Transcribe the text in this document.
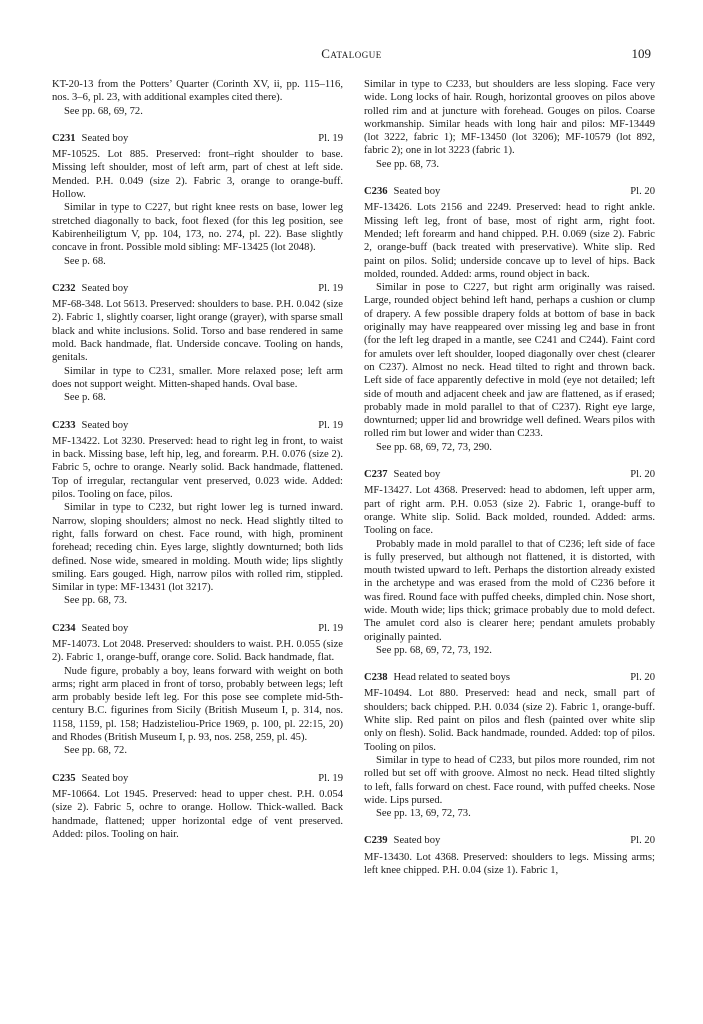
Catalogue	109

KT-20-13 from the Potters’ Quarter (Corinth XV, ii, pp. 115–116, nos. 3–6, pl. 23, with additional examples cited there).

See pp. 68, 69, 72.

C231 Seated boy	Pl. 19

MF-10525. Lot 885. Preserved: front–right shoulder to base. Missing left shoulder, most of left arm, part of chest at left side. Mended. P.H. 0.049 (size 2). Fabric 3, orange to orange-buff. Hollow.

Similar in type to C227, but right knee rests on base, lower leg stretched diagonally to back, foot flexed (for this leg position, see Kabirenheiligtum V, pp. 104, 173, no. 274, pl. 22). Base slightly concave in front. Possible mold sibling: MF-13425 (lot 2048).

See p. 68.

C232 Seated boy	Pl. 19

MF-68-348. Lot 5613. Preserved: shoulders to base. P.H. 0.042 (size 2). Fabric 1, slightly coarser, light orange (grayer), with sparse small black and white inclusions. Solid. Torso and base rendered in same mold. Back handmade, flat. Underside concave. Tooling on hands, genitals.

Similar in type to C231, smaller. More relaxed pose; left arm does not support weight. Mitten-shaped hands. Oval base.

See p. 68.

C233 Seated boy	Pl. 19

MF-13422. Lot 3230. Preserved: head to right leg in front, to waist in back. Missing base, left hip, leg, and forearm. P.H. 0.076 (size 2). Fabric 5, ochre to orange. Nearly solid. Back handmade, flattened. Top of irregular, rectangular vent preserved, 0.023 wide. Added: pilos. Tooling on face, pilos.

Similar in type to C232, but right lower leg is turned inward. Narrow, sloping shoulders; almost no neck. Head slightly tilted to right, falls forward on chest. Face round, with high, prominent forehead; receding chin. Eyes large, slightly downturned; both lids defined. Nose wide, smeared in molding. Mouth wide; lips slightly smiling. Ears gouged. High, narrow pilos with rolled rim, stippled. Similar in type: MF-13431 (lot 3217).

See pp. 68, 73.

C234 Seated boy	Pl. 19

MF-14073. Lot 2048. Preserved: shoulders to waist. P.H. 0.055 (size 2). Fabric 1, orange-buff, orange core. Solid. Back handmade, flat.

Nude figure, probably a boy, leans forward with weight on both arms; right arm placed in front of torso, probably between legs; left arm probably beside left leg. For this pose see complete mid-5th-century B.C. figurines from Sicily (British Museum I, p. 314, nos. 1158, 1159, pl. 158; Hadzisteliou-Price 1969, p. 100, pl. 22:15, 20) and Rhodes (British Museum I, p. 93, nos. 258, 259, pl. 45).

See pp. 68, 72.

C235 Seated boy	Pl. 19

MF-10664. Lot 1945. Preserved: head to upper chest. P.H. 0.054 (size 2). Fabric 5, ochre to orange. Hollow. Thick-walled. Back handmade, flattened; upper horizontal edge of vent preserved. Added: pilos. Tooling on hair.

Similar in type to C233, but shoulders are less sloping. Face very wide. Long locks of hair. Rough, horizontal grooves on pilos above rolled rim and at juncture with forehead. Gouges on pilos. Coarse workmanship. Similar heads with long hair and pilos: MF-13449 (lot 3222, fabric 1); MF-13450 (lot 3206); MF-10579 (lot 892, fabric 2); one in lot 3223 (fabric 1).

See pp. 68, 73.

C236 Seated boy	Pl. 20

MF-13426. Lots 2156 and 2249. Preserved: head to right ankle. Missing left leg, front of base, most of right arm, right foot. Mended; left forearm and hand chipped. P.H. 0.069 (size 2). Fabric 2, orange-buff (back treated with preservative). White slip. Red paint on pilos. Solid; underside concave up to level of hips. Back molded, rounded. Added: arms, round object in back.

Similar in pose to C227, but right arm originally was raised. Large, rounded object behind left hand, perhaps a cushion or clump of drapery. A few possible drapery folds at bottom of base in back originally may have reappeared over missing leg and base in front (for the left leg draped in a mantle, see C241 and C244). Faint cord for amulets over left shoulder, looped diagonally over chest (clearer on C237). Almost no neck. Head tilted to right and thrown back. Left side of face apparently defective in mold (eye not detailed; left side of mouth and adjacent cheek and jaw are flattened, as if erased; probably made in mold parallel to that of C237). Right eye large, downturned; upper lid and browridge well defined. Wears pilos with rolled rim but lower and wider than C233.

See pp. 68, 69, 72, 73, 290.

C237 Seated boy	Pl. 20

MF-13427. Lot 4368. Preserved: head to abdomen, left upper arm, part of right arm. P.H. 0.053 (size 2). Fabric 1, orange-buff to orange. White slip. Solid. Back molded, rounded. Added: arms. Tooling on face.

Probably made in mold parallel to that of C236; left side of face is fully preserved, but although not flattened, it is distorted, with mouth twisted upward to left. Perhaps the distortion already existed in the archetype and was erased from the mold of C236 before it was fired. Round face with puffed cheeks, dimpled chin. Nose short, wide. Mouth wide; lips thick; grimace probably due to mold defect. The amulet cord also is clearer here; pendant amulets probably originally painted.

See pp. 68, 69, 72, 73, 192.

C238 Head related to seated boys	Pl. 20

MF-10494. Lot 880. Preserved: head and neck, small part of shoulders; back chipped. P.H. 0.034 (size 2). Fabric 1, orange-buff. White slip. Red paint on pilos and flesh (painted over white slip only on flesh). Solid. Back handmade, rounded. Added: top of pilos. Tooling on pilos.

Similar in type to head of C233, but pilos more rounded, rim not rolled but set off with groove. Almost no neck. Head tilted slightly to left, falls forward on chest. Face round, with puffed cheeks. Nose wide. Lips pursed.

See pp. 13, 69, 72, 73.

C239 Seated boy	Pl. 20

MF-13430. Lot 4368. Preserved: shoulders to legs. Missing arms; left knee chipped. P.H. 0.04 (size 1). Fabric 1,
